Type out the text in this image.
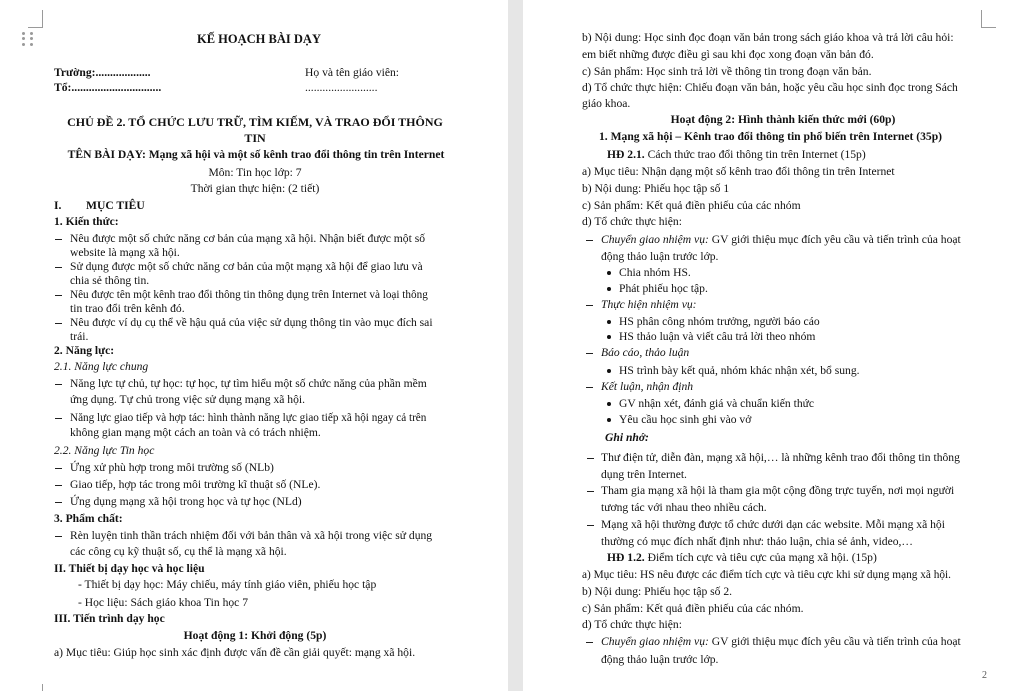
KẾ HOẠCH BÀI DẠY
Trường:...................
Tổ:...............................
Họ và tên giáo viên:
.........................
CHỦ ĐỀ 2. TỔ CHỨC LƯU TRỮ, TÌM KIẾM, VÀ TRAO ĐỔI THÔNG
TIN
TÊN BÀI DẠY: Mạng xã hội và một số kênh trao đổi thông tin trên Internet
Môn: Tin học lớp: 7
Thời gian thực hiện: (2 tiết)
I. MỤC TIÊU
1. Kiến thức:
Nêu được một số chức năng cơ bản của mạng xã hội. Nhận biết được một số
website là mạng xã hội.
Sử dụng được một số chức năng cơ bản của một mạng xã hội để giao lưu và
chia sẻ thông tin.
Nêu được tên một kênh trao đổi thông tin thông dụng trên Internet và loại thông
tin trao đổi trên kênh đó.
Nêu được ví dụ cụ thể về hậu quả của việc sử dụng thông tin vào mục đích sai
trái.
2. Năng lực:
2.1. Năng lực chung
Năng lực tự chủ, tự học: tự học, tự tìm hiểu một số chức năng của phần mềm
ứng dụng. Tự chủ trong việc sử dụng mạng xã hội.
Năng lực giao tiếp và hợp tác: hình thành năng lực giao tiếp xã hội ngay cả trên
không gian mạng một cách an toàn và có trách nhiệm.
2.2. Năng lực Tin học
Ứng xử phù hợp trong môi trường số (NLb)
Giao tiếp, hợp tác trong môi trường kĩ thuật số (NLe).
Ứng dụng mạng xã hội trong học và tự học (NLd)
3. Phẩm chất:
Rèn luyện tinh thần trách nhiệm đối với bản thân và xã hội trong việc sử dụng
các công cụ kỹ thuật số, cụ thể là mạng xã hội.
II. Thiết bị dạy học và học liệu
- Thiết bị dạy học: Máy chiếu, máy tính giáo viên, phiếu học tập
- Học liệu: Sách giáo khoa Tin học 7
III. Tiến trình dạy học
Hoạt động 1: Khởi động (5p)
a) Mục tiêu: Giúp học sinh xác định được vấn đề cần giải quyết: mạng xã hội.
b) Nội dung: Học sinh đọc đoạn văn bản trong sách giáo khoa và trả lời câu hỏi:
em biết những được điều gì sau khi đọc xong đoạn văn bản đó.
c) Sản phẩm: Học sinh trả lời về thông tin trong đoạn văn bản.
d) Tổ chức thực hiện: Chiếu đoạn văn bản, hoặc yêu cầu học sinh đọc trong Sách
giáo khoa.
Hoạt động 2: Hình thành kiến thức mới (60p)
1. Mạng xã hội – Kênh trao đổi thông tin phổ biến trên Internet (35p)
HĐ 2.1. Cách thức trao đổi thông tin trên Internet (15p)
a) Mục tiêu: Nhận dạng một số kênh trao đổi thông tin trên Internet
b) Nội dung: Phiếu học tập số 1
c) Sản phẩm: Kết quả điền phiếu của các nhóm
d) Tổ chức thực hiện:
Chuyển giao nhiệm vụ: GV giới thiệu mục đích yêu cầu và tiến trình của hoạt
động thảo luận trước lớp.
Chia nhóm HS.
Phát phiếu học tập.
Thực hiện nhiệm vụ:
HS phân công nhóm trưởng, người báo cáo
HS thảo luận và viết câu trả lời theo nhóm
Báo cáo, thảo luận
HS trình bày kết quả, nhóm khác nhận xét, bổ sung.
Kết luận, nhận định
GV nhận xét, đánh giá và chuẩn kiến thức
Yêu cầu học sinh ghi vào vở
Ghi nhớ:
Thư điện tử, diễn đàn, mạng xã hội,… là những kênh trao đổi thông tin thông
dụng trên Internet.
Tham gia mạng xã hội là tham gia một cộng đồng trực tuyến, nơi mọi người
tương tác với nhau theo nhiều cách.
Mạng xã hội thường được tổ chức dưới dạn các website. Mỗi mạng xã hội
thường có mục đích nhất định như: thảo luận, chia sẻ ảnh, video,…
HĐ 1.2. Điểm tích cực và tiêu cực của mạng xã hội. (15p)
a) Mục tiêu: HS nêu được các điểm tích cực và tiêu cực khi sử dụng mạng xã hội.
b) Nội dung: Phiếu học tập số 2.
c) Sản phẩm: Kết quả điền phiếu của các nhóm.
d) Tổ chức thực hiện:
Chuyển giao nhiệm vụ: GV giới thiệu mục đích yêu cầu và tiến trình của hoạt
động thảo luận trước lớp.
2
